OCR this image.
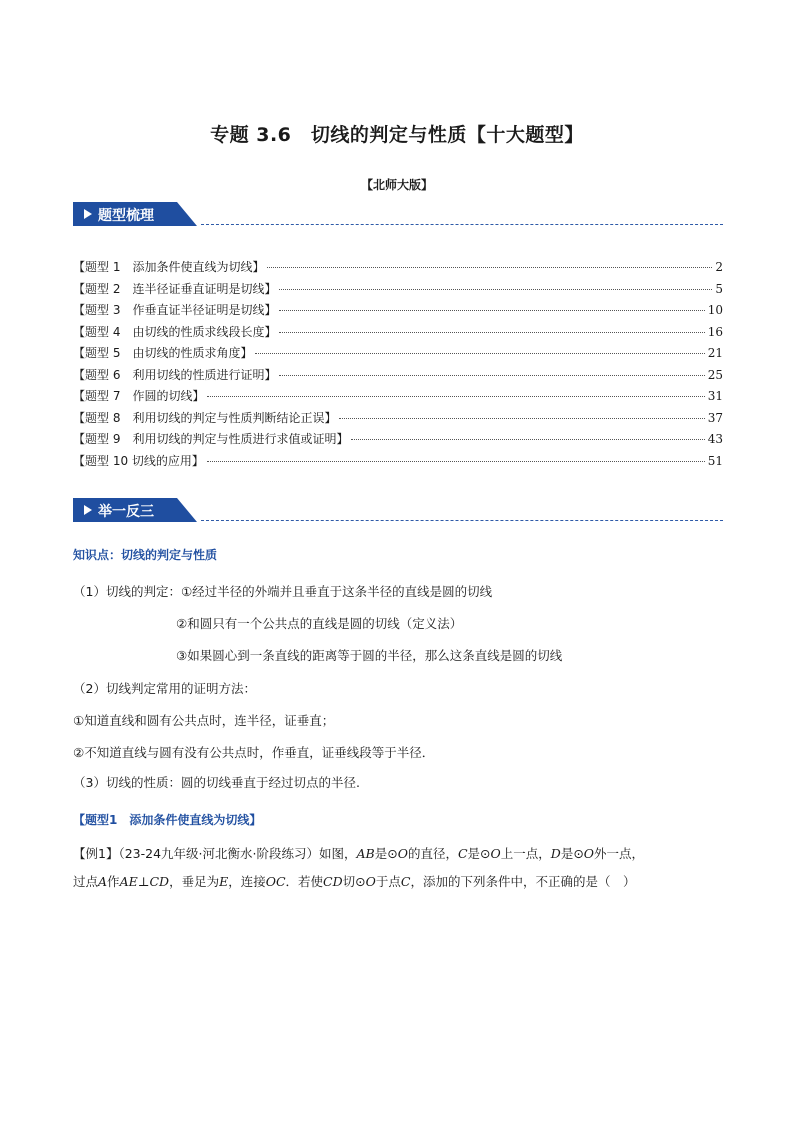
专题 3.6　切线的判定与性质【十大题型】
【北师大版】
题型梳理
【题型 1　添加条件使直线为切线】	2
【题型 2　连半径证垂直证明是切线】	5
【题型 3　作垂直证半径证明是切线】	10
【题型 4　由切线的性质求线段长度】	16
【题型 5　由切线的性质求角度】	21
【题型 6　利用切线的性质进行证明】	25
【题型 7　作圆的切线】	31
【题型 8　利用切线的判定与性质判断结论正误】	37
【题型 9　利用切线的判定与性质进行求值或证明】	43
【题型 10 切线的应用】	51
举一反三
知识点：切线的判定与性质
（1）切线的判定：①经过半径的外端并且垂直于这条半径的直线是圆的切线
②和圆只有一个公共点的直线是圆的切线（定义法）
③如果圆心到一条直线的距离等于圆的半径，那么这条直线是圆的切线
（2）切线判定常用的证明方法：
①知道直线和圆有公共点时，连半径，证垂直；
②不知道直线与圆有没有公共点时，作垂直，证垂线段等于半径．
（3）切线的性质：圆的切线垂直于经过切点的半径.
【题型1　添加条件使直线为切线】
【例1】（23-24九年级·河北衡水·阶段练习）如图，AB是⊙O的直径，C是⊙O上一点，D是⊙O外一点，
过点A作AE⊥CD，垂足为E，连接OC．若使CD切⊙O于点C，添加的下列条件中，不正确的是（　）
